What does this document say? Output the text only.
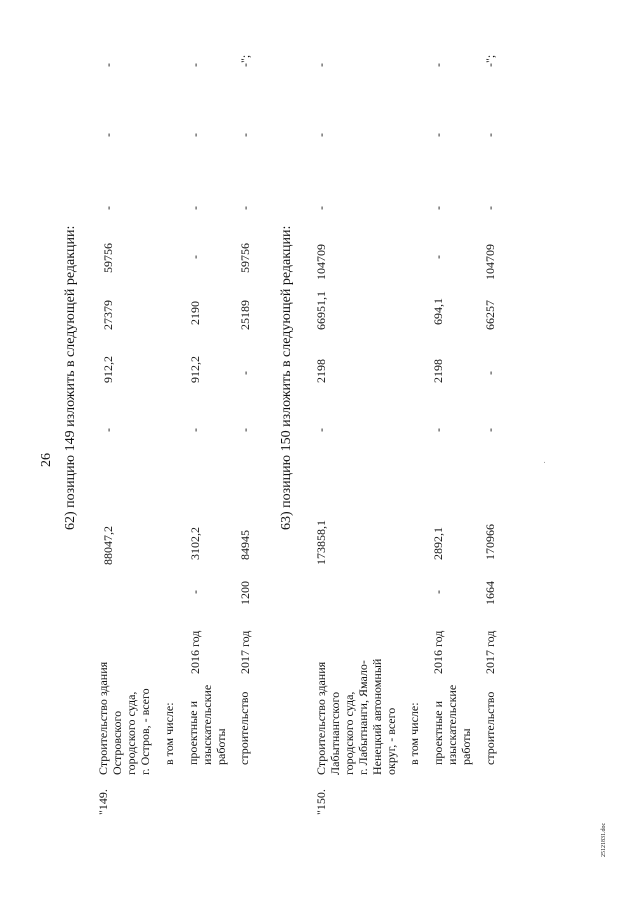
26	.
25121831.doc
62) позицию 149 изложить в следующей редакции:
"149.
Строительство здания Островского городского суда, г. Остров, - всего в том числе: проектные и изыскательские работы строительство
88047,2
-
912,2
27379
59756
-
-
-
2016 год
-
3102,2
-
912,2
2190
-
-
-
-
2017 год
1200
84945
-
-
25189
59756
-
-
-";
63) позицию 150 изложить в следующей редакции:
"150.
Строительство здания Лабытнангского городского суда, г. Лабытнанги, Ямало- Ненецкий автономный округ, - всего в том числе: проектные и изыскательские работы строительство
173858,1
-
2198
66951,1
104709
-
-
-
2016 год
-
2892,1
-
2198
694,1
-
-
-
-
2017 год
1664
170966
-
-
66257
104709
-
-
-";
